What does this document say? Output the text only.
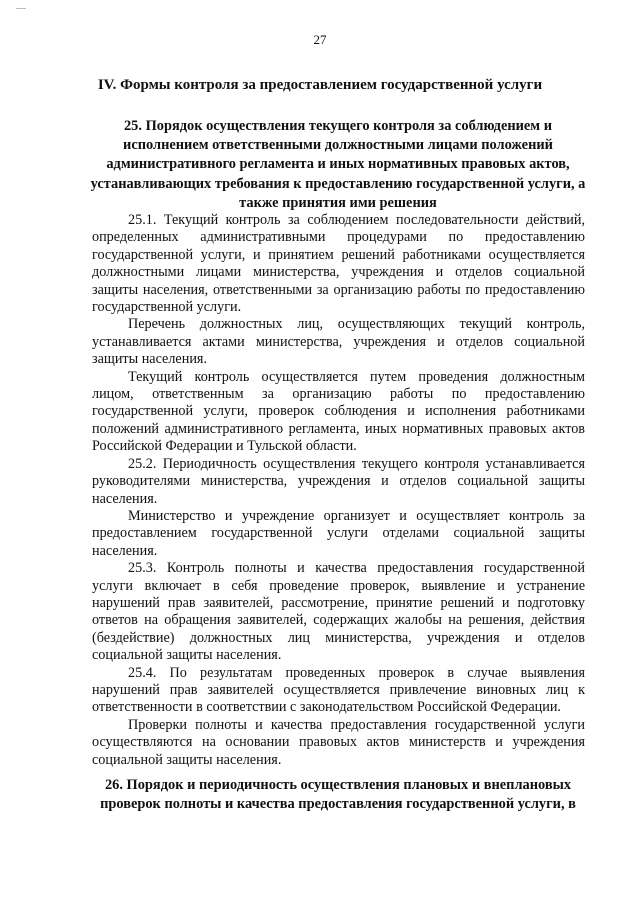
27
IV. Формы контроля за предоставлением государственной услуги
25. Порядок осуществления текущего контроля за соблюдением и исполнением ответственными должностными лицами положений административного регламента и иных нормативных правовых актов, устанавливающих требования к предоставлению государственной услуги, а также принятия ими решения

25.1. Текущий контроль за соблюдением последовательности действий, определенных административными процедурами по предоставлению государственной услуги, и принятием решений работниками осуществляется должностными лицами министерства, учреждения и отделов социальной защиты населения, ответственными за организацию работы по предоставлению государственной услуги.

Перечень должностных лиц, осуществляющих текущий контроль, устанавливается актами министерства, учреждения и отделов социальной защиты населения.

Текущий контроль осуществляется путем проведения должностным лицом, ответственным за организацию работы по предоставлению государственной услуги, проверок соблюдения и исполнения работниками положений административного регламента, иных нормативных правовых актов Российской Федерации и Тульской области.

25.2. Периодичность осуществления текущего контроля устанавливается руководителями министерства, учреждения и отделов социальной защиты населения.

Министерство и учреждение организует и осуществляет контроль за предоставлением государственной услуги отделами социальной защиты населения.

25.3. Контроль полноты и качества предоставления государственной услуги включает в себя проведение проверок, выявление и устранение нарушений прав заявителей, рассмотрение, принятие решений и подготовку ответов на обращения заявителей, содержащих жалобы на решения, действия (бездействие) должностных лиц министерства, учреждения и отделов социальной защиты населения.

25.4. По результатам проведенных проверок в случае выявления нарушений прав заявителей осуществляется привлечение виновных лиц к ответственности в соответствии с законодательством Российской Федерации.

Проверки полноты и качества предоставления государственной услуги осуществляются на основании правовых актов министерств и учреждения социальной защиты населения.

26. Порядок и периодичность осуществления плановых и внеплановых проверок полноты и качества предоставления государственной услуги, в
